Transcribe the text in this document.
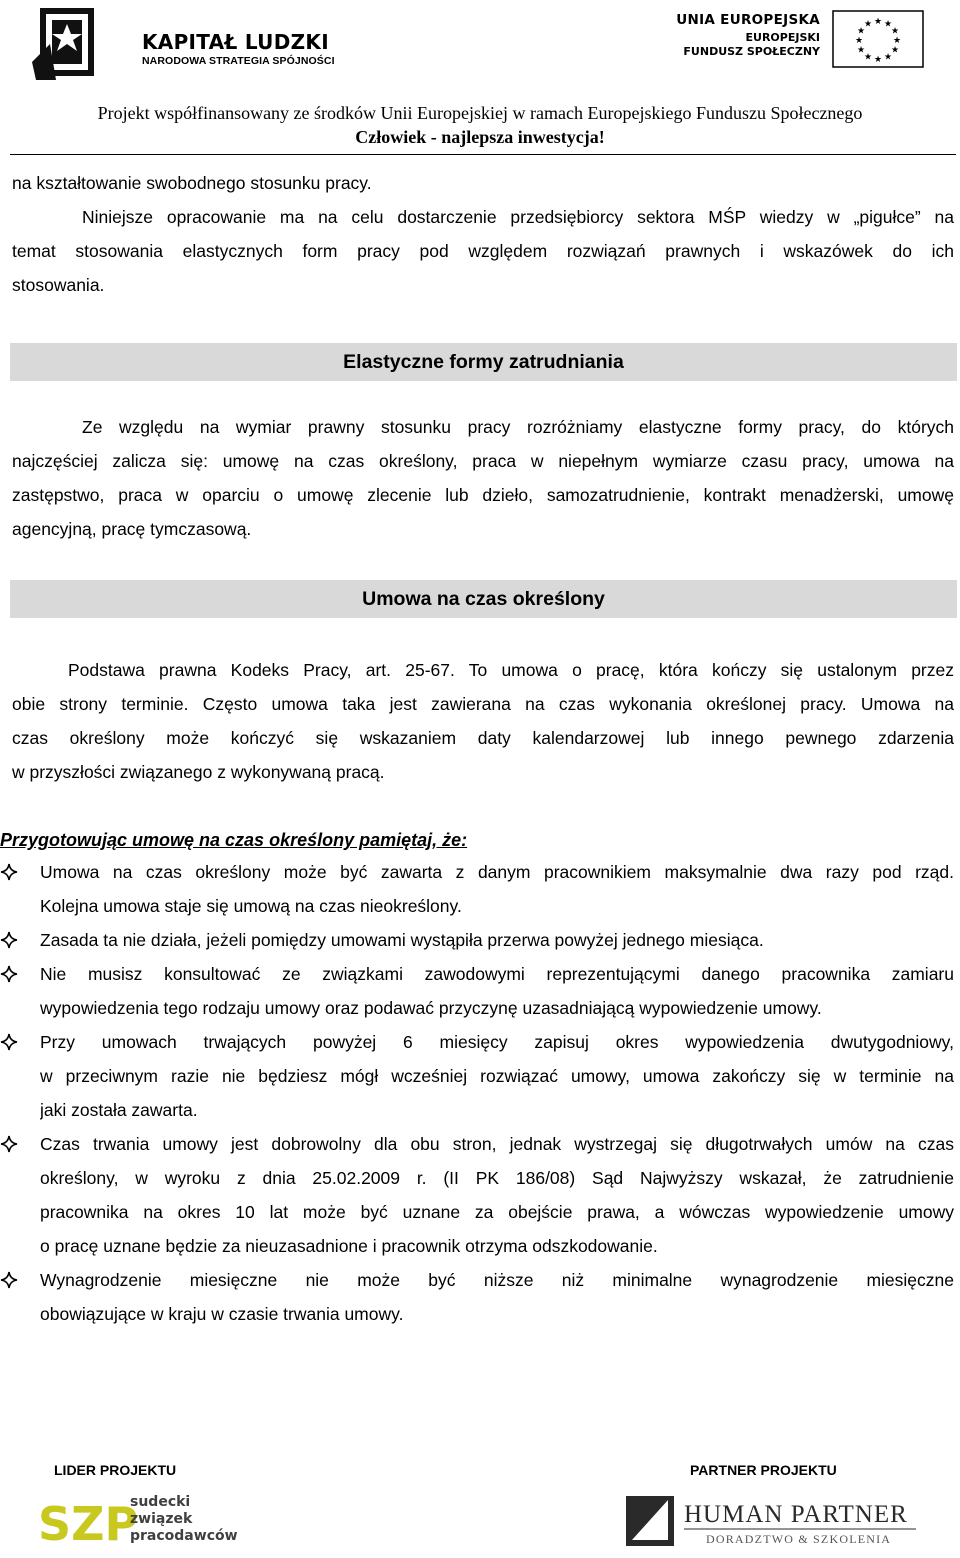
KAPITAŁ LUDZKI
NARODOWA STRATEGIA SPÓJNOŚCI
UNIA EUROPEJSKA
EUROPEJSKI
FUNDUSZ SPOŁECZNY
★ ★
★
★
★
★
★
★
★
★
★
★
Projekt współfinansowany ze środków Unii Europejskiej w ramach Europejskiego Funduszu Społecznego
Człowiek - najlepsza inwestycja!
na kształtowanie swobodnego stosunku pracy.
Niniejsze opracowanie ma na celu dostarczenie przedsiębiorcy sektora MŚP wiedzy w „pigułce” na
temat stosowania elastycznych form pracy pod względem rozwiązań prawnych i wskazówek do ich
stosowania.
Elastyczne formy zatrudniania
Ze względu na wymiar prawny stosunku pracy rozróżniamy elastyczne formy pracy, do których
najczęściej zalicza się: umowę na czas określony, praca w niepełnym wymiarze czasu pracy, umowa na
zastępstwo, praca w oparciu o umowę zlecenie lub dzieło, samozatrudnienie, kontrakt menadżerski, umowę
agencyjną, pracę tymczasową.
Umowa na czas określony
Podstawa prawna Kodeks Pracy, art. 25-67. To umowa o pracę, która kończy się ustalonym przez
obie strony terminie. Często umowa taka jest zawierana na czas wykonania określonej pracy. Umowa na
czas określony może kończyć się wskazaniem daty kalendarzowej lub innego pewnego zdarzenia
w przyszłości związanego z wykonywaną pracą.
Przygotowując umowę na czas określony pamiętaj, że:
Umowa na czas określony może być zawarta z danym pracownikiem maksymalnie dwa razy pod rząd.
Kolejna umowa staje się umową na czas nieokreślony.
Zasada ta nie działa, jeżeli pomiędzy umowami wystąpiła przerwa powyżej jednego miesiąca.
Nie musisz konsultować ze związkami zawodowymi reprezentującymi danego pracownika zamiaru
wypowiedzenia tego rodzaju umowy oraz podawać przyczynę uzasadniającą wypowiedzenie umowy.
Przy umowach trwających powyżej 6 miesięcy zapisuj okres wypowiedzenia dwutygodniowy,
w przeciwnym razie nie będziesz mógł wcześniej rozwiązać umowy, umowa zakończy się w terminie na
jaki została zawarta.
Czas trwania umowy jest dobrowolny dla obu stron, jednak wystrzegaj się długotrwałych umów na czas
określony, w wyroku z dnia 25.02.2009 r. (II PK 186/08) Sąd Najwyższy wskazał, że zatrudnienie
pracownika na okres 10 lat może być uznane za obejście prawa, a wówczas wypowiedzenie umowy
o pracę uznane będzie za nieuzasadnione i pracownik otrzyma odszkodowanie.
Wynagrodzenie miesięczne nie może być niższe niż minimalne wynagrodzenie miesięczne
obowiązujące w kraju w czasie trwania umowy.
LIDER PROJEKTU	PARTNER PROJEKTU
SZP
sudecki
związek
pracodawców
HUMAN PARTNER
DORADZTWO & SZKOLENIA
